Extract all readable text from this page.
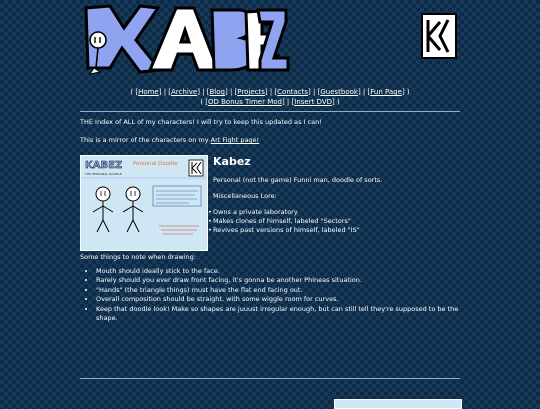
( [Home] | [Archive] | [Blog] | [Projects] | [Contacts] | [Guestbook] | [Fun Page] )
( [OD Bonus Timer Mod] | [Insert DVD] )

THE Index of ALL of my characters! I will try to keep this updated as I can!

This is a mirror of the characters on my Art Fight page!

KABEZ Personal Doodle
THE PERSONAL DOODLE
Kabez

Personal (not the game) Funni man, doodle of sorts.

Miscellaneous Lore:

• Owns a private laboratory
• Makes clones of himself, labeled "Sectors"
• Revives past versions of himself, labeled "IS"
Some things to note when drawing:
• Mouth should ideally stick to the face.
• Rarely should you ever draw front facing, it's gonna be another Phineas situation.
• "Hands" (the triangle things) must have the flat end facing out.
• Overall composition should be straight, with some wiggle room for curves.
• Keep that doodle look! Make so shapes are juuust irregular enough, but can still tell they're supposed to be the shape.
